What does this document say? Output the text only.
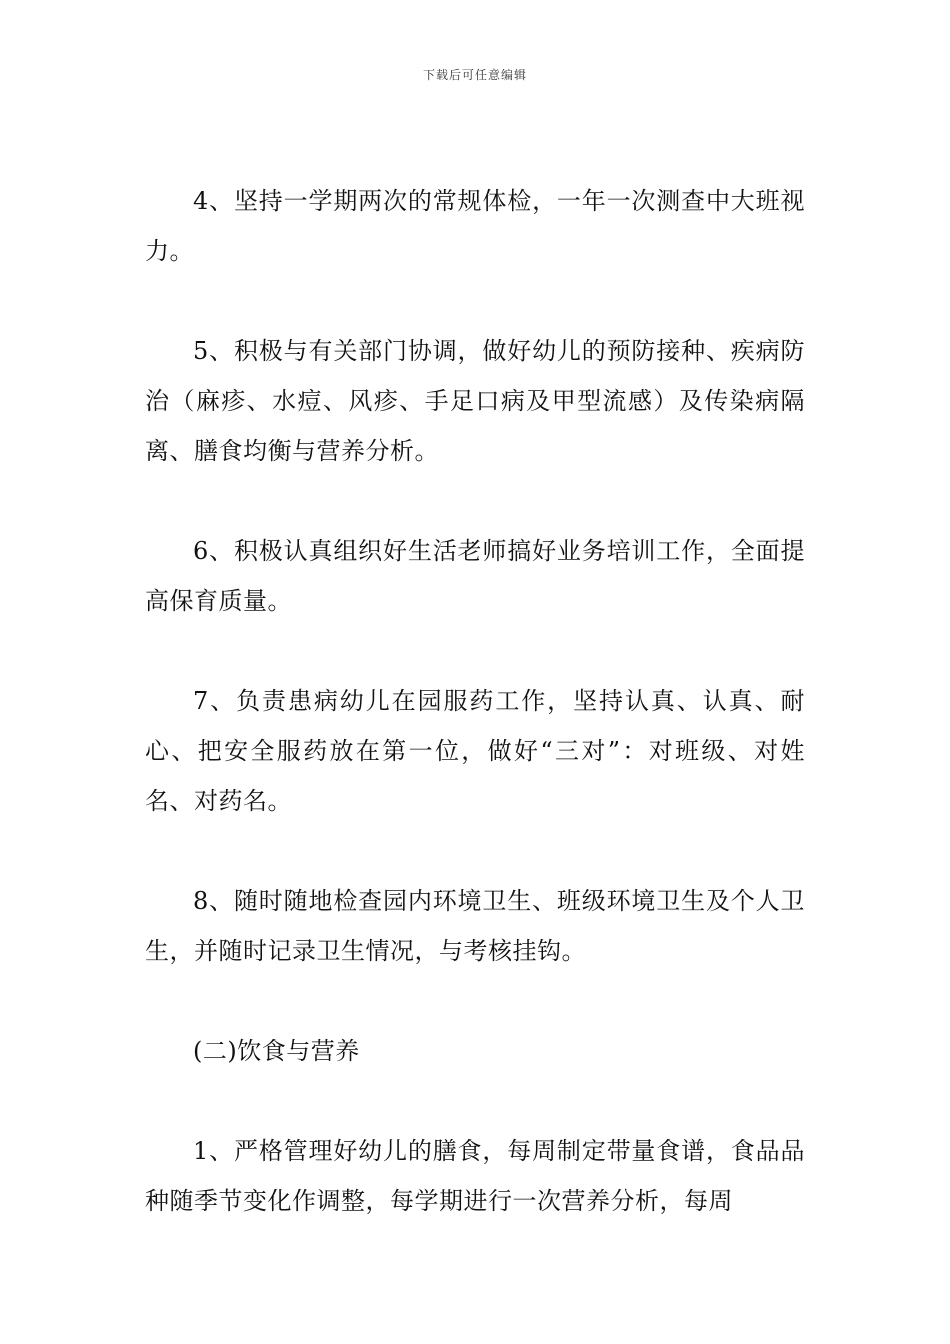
下载后可任意编辑

4、坚持一学期两次的常规体检，一年一次测查中大班视力。

5、积极与有关部门协调，做好幼儿的预防接种、疾病防治（麻疹、水痘、风疹、手足口病及甲型流感）及传染病隔离、膳食均衡与营养分析。

6、积极认真组织好生活老师搞好业务培训工作，全面提高保育质量。

7、负责患病幼儿在园服药工作，坚持认真、认真、耐心、把安全服药放在第一位，做好“三对”：对班级、对姓名、对药名。

8、随时随地检查园内环境卫生、班级环境卫生及个人卫生，并随时记录卫生情况，与考核挂钩。

(二)饮食与营养

1、严格管理好幼儿的膳食，每周制定带量食谱，食品品种随季节变化作调整，每学期进行一次营养分析，每周
